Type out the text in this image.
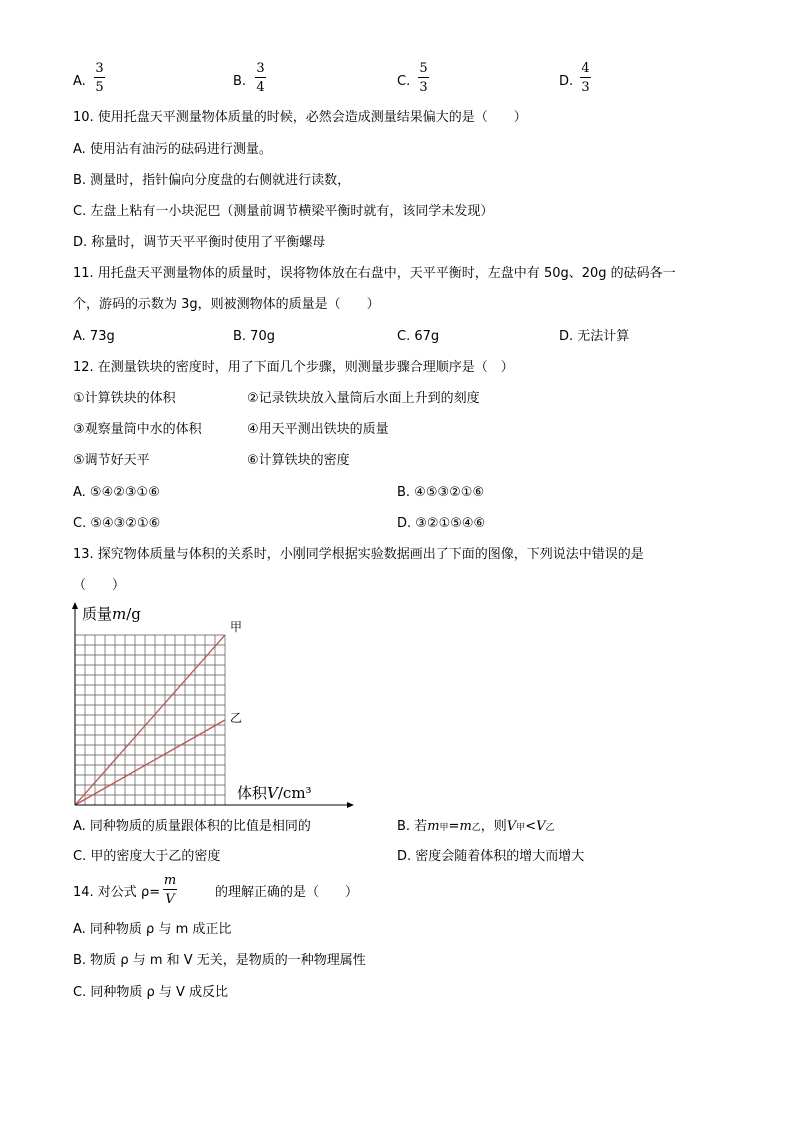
A.
3
5	B.
3
4	C.
5
3	D.
4
3
10. 使用托盘天平测量物体质量的时候，必然会造成测量结果偏大的是（　　）
A. 使用沾有油污的砝码进行测量。
B. 测量时，指针偏向分度盘的右侧就进行读数，
C. 左盘上粘有一小块泥巴（测量前调节横梁平衡时就有，该同学未发现）
D. 称量时，调节天平平衡时使用了平衡螺母
11. 用托盘天平测量物体的质量时，误将物体放在右盘中，天平平衡时，左盘中有 50g、20g 的砝码各一
个，游码的示数为 3g，则被测物体的质量是（　　）
A. 73g	B. 70g	C. 67g	D. 无法计算
12. 在测量铁块的密度时，用了下面几个步骤，则测量步骤合理顺序是（　）
①计算铁块的体积	②记录铁块放入量筒后水面上升到的刻度
③观察量筒中水的体积	④用天平测出铁块的质量
⑤调节好天平	⑥计算铁块的密度
A. ⑤④②③①⑥	B. ④⑤③②①⑥
C. ⑤④③②①⑥	D. ③②①⑤④⑥
13. 探究物体质量与体积的关系时，小刚同学根据实验数据画出了下面的图像，下列说法中错误的是
（　　）
质量m/g
体积V/cm³
甲
乙
A. 同种物质的质量跟体积的比值是相同的	B. 若m甲=m乙，则V甲<V乙
C. 甲的密度大于乙的密度	D. 密度会随着体积的增大而增大
14. 对公式 ρ=
m
V	的理解正确的是（　　）
A. 同种物质 ρ 与 m 成正比
B. 物质 ρ 与 m 和 V 无关，是物质的一种物理属性
C. 同种物质 ρ 与 V 成反比
